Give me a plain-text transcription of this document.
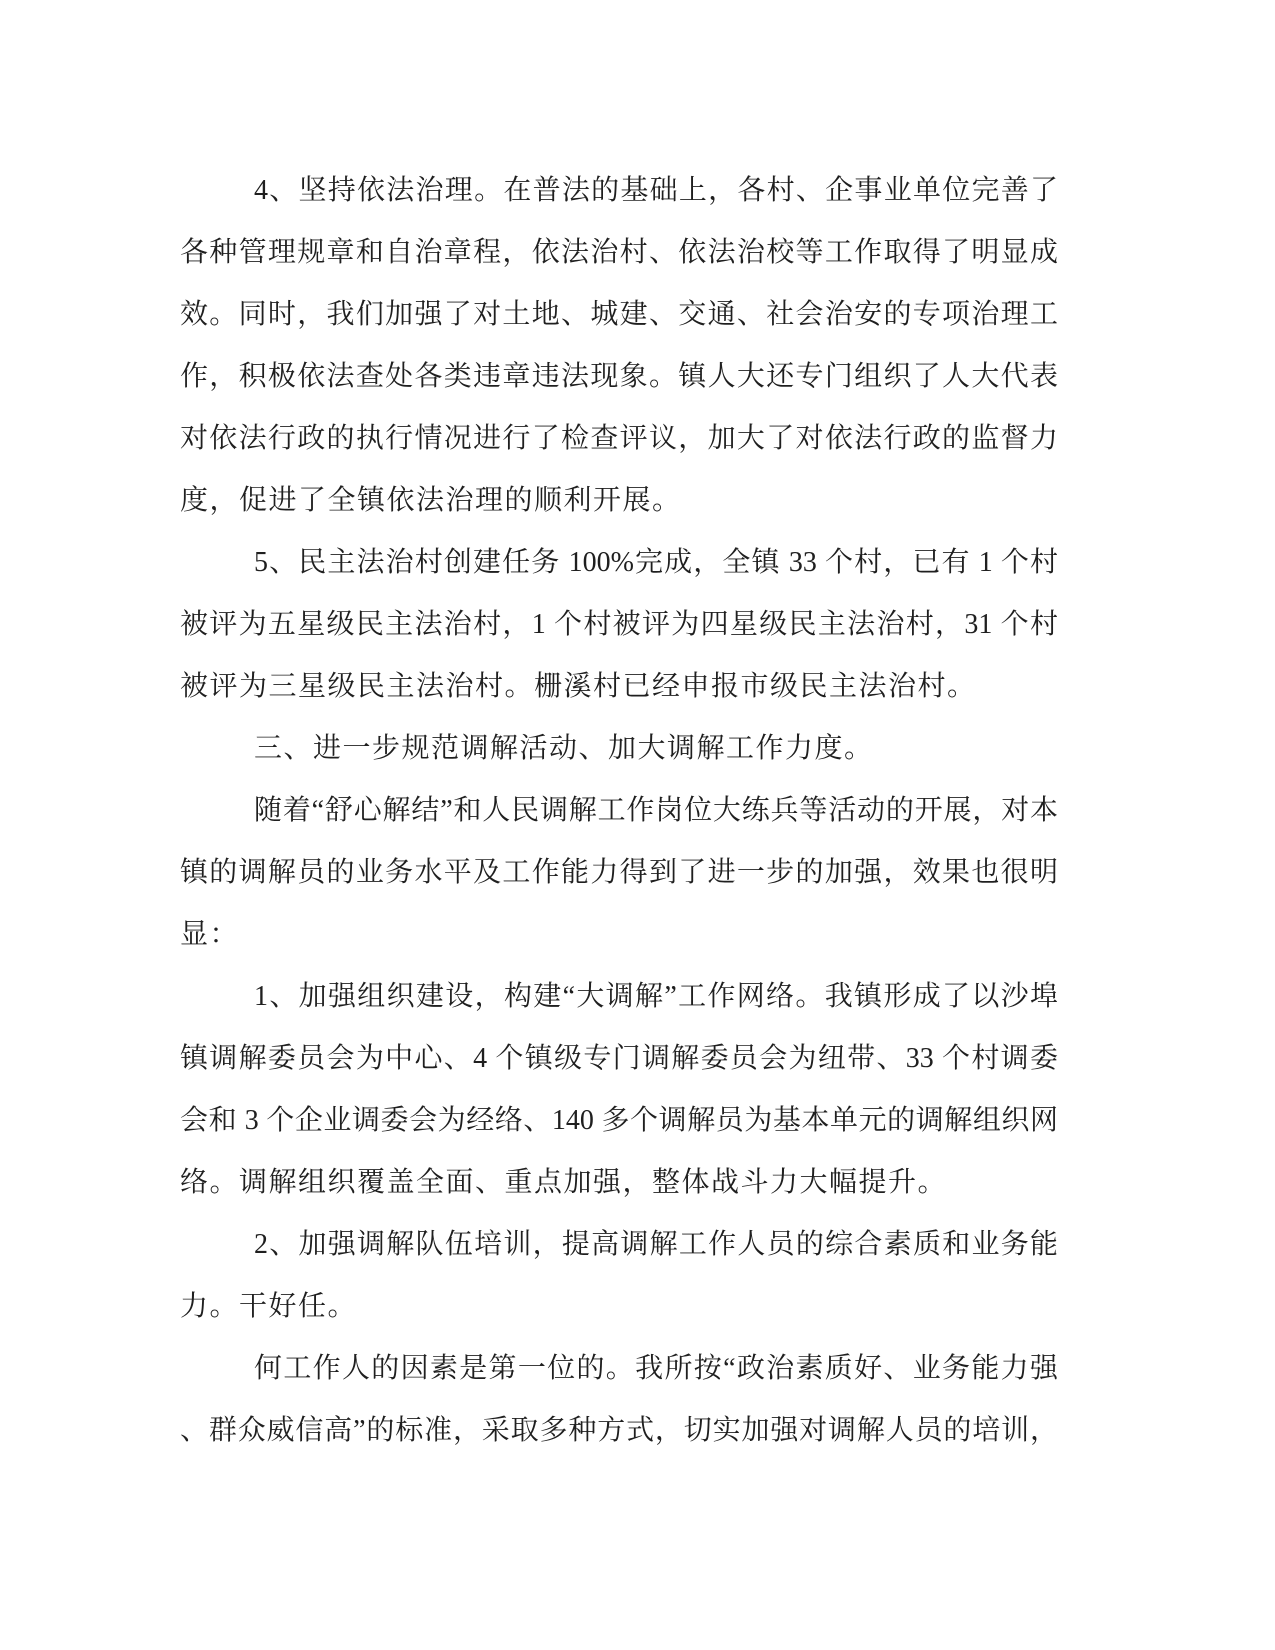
4、坚持依法治理。在普法的基础上，各村、企事业单位完善了
各种管理规章和自治章程，依法治村、依法治校等工作取得了明显成
效。同时，我们加强了对土地、城建、交通、社会治安的专项治理工
作，积极依法查处各类违章违法现象。镇人大还专门组织了人大代表
对依法行政的执行情况进行了检查评议，加大了对依法行政的监督力
度，促进了全镇依法治理的顺利开展。
5、民主法治村创建任务 100%完成，全镇 33 个村，已有 1 个村
被评为五星级民主法治村，1 个村被评为四星级民主法治村，31 个村
被评为三星级民主法治村。栅溪村已经申报市级民主法治村。
三、进一步规范调解活动、加大调解工作力度。
随着“舒心解结”和人民调解工作岗位大练兵等活动的开展，对本
镇的调解员的业务水平及工作能力得到了进一步的加强，效果也很明
显：
1、加强组织建设，构建“大调解”工作网络。我镇形成了以沙埠
镇调解委员会为中心、4 个镇级专门调解委员会为纽带、33 个村调委
会和 3 个企业调委会为经络、140 多个调解员为基本单元的调解组织网
络。调解组织覆盖全面、重点加强，整体战斗力大幅提升。
2、加强调解队伍培训，提高调解工作人员的综合素质和业务能
力。干好任。
何工作人的因素是第一位的。我所按“政治素质好、业务能力强
、群众威信高”的标准，采取多种方式，切实加强对调解人员的培训，
